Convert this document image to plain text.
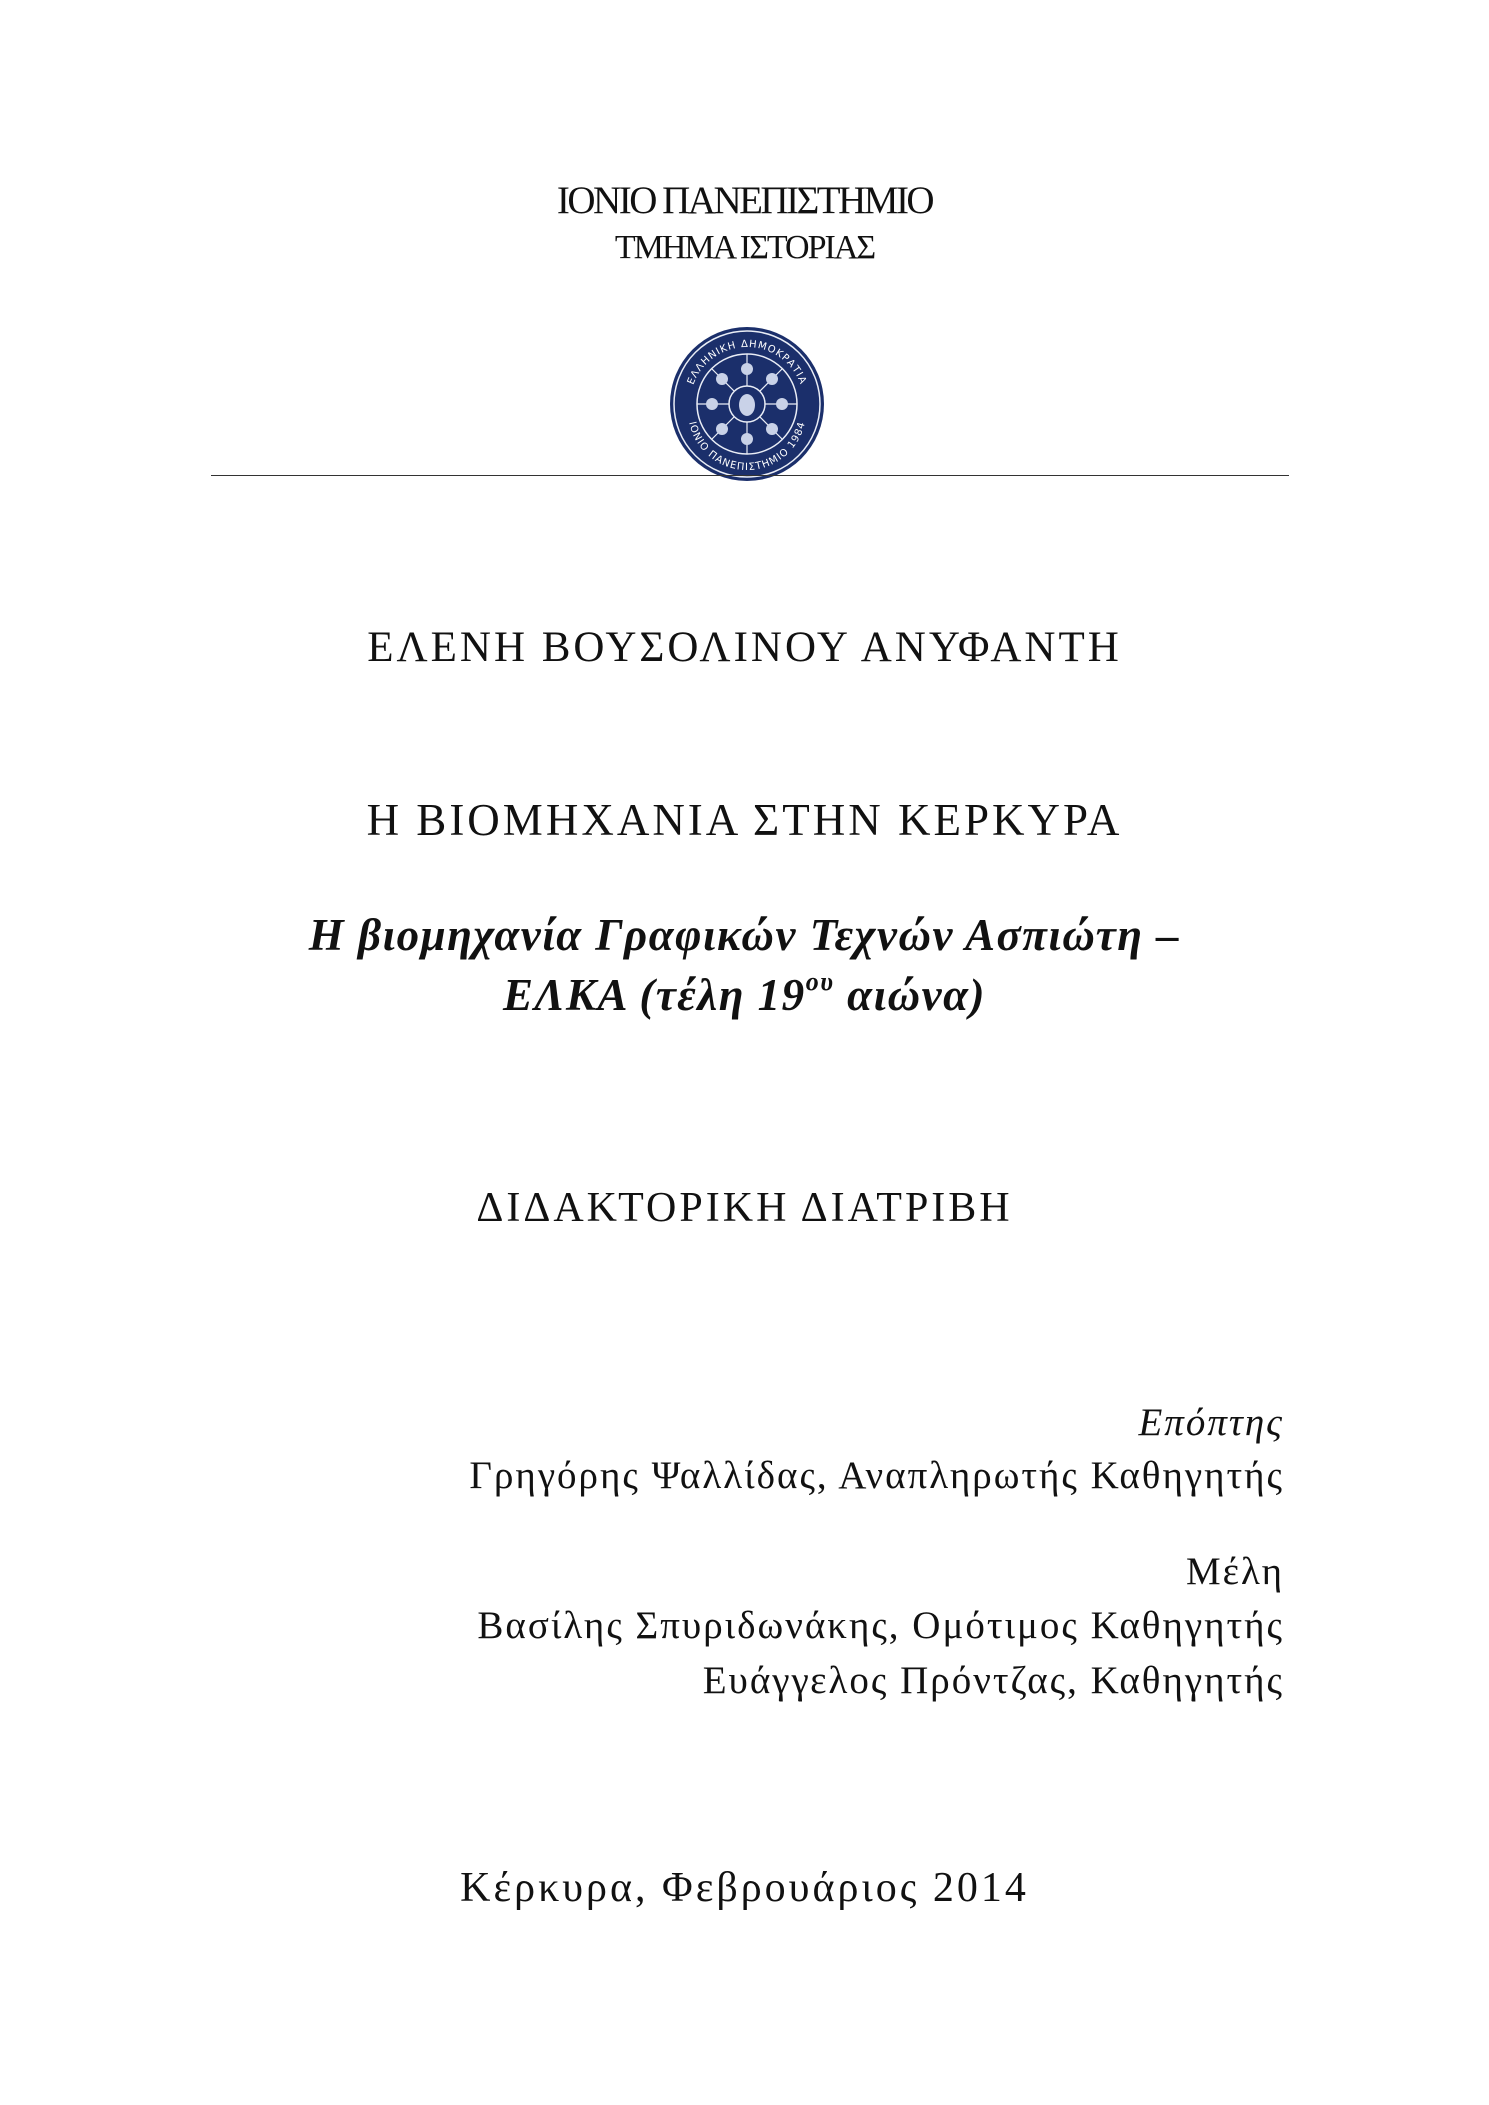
ΙΟΝΙΟ ΠΑΝΕΠΙΣΤΗΜΙΟ
ΤΜΗΜΑ ΙΣΤΟΡΙΑΣ
ΕΛΛΗΝΙΚΗ ΔΗΜΟΚΡΑΤΙΑ
ΙΟΝΙΟ ΠΑΝΕΠΙΣΤΗΜΙΟ 1984
ΕΛΕΝΗ ΒΟΥΣΟΛΙΝΟΥ ΑΝΥΦΑΝΤΗ
Η ΒΙΟΜΗΧΑΝΙΑ ΣΤΗΝ ΚΕΡΚΥΡΑ
Η βιομηχανία Γραφικών Τεχνών Ασπιώτη –
ΕΛΚΑ (τέλη $19^{o\upsilon}$ αιώνα)
ΔΙΔΑΚΤΟΡΙΚΗ ΔΙΑΤΡΙΒΗ
Επόπτης
Γρηγόρης Ψαλλίδας, Αναπληρωτής Καθηγητής
Μέλη
Βασίλης Σπυριδωνάκης, Ομότιμος Καθηγητής
Ευάγγελος Πρόντζας, Καθηγητής
Κέρκυρα, Φεβρουάριος 2014
